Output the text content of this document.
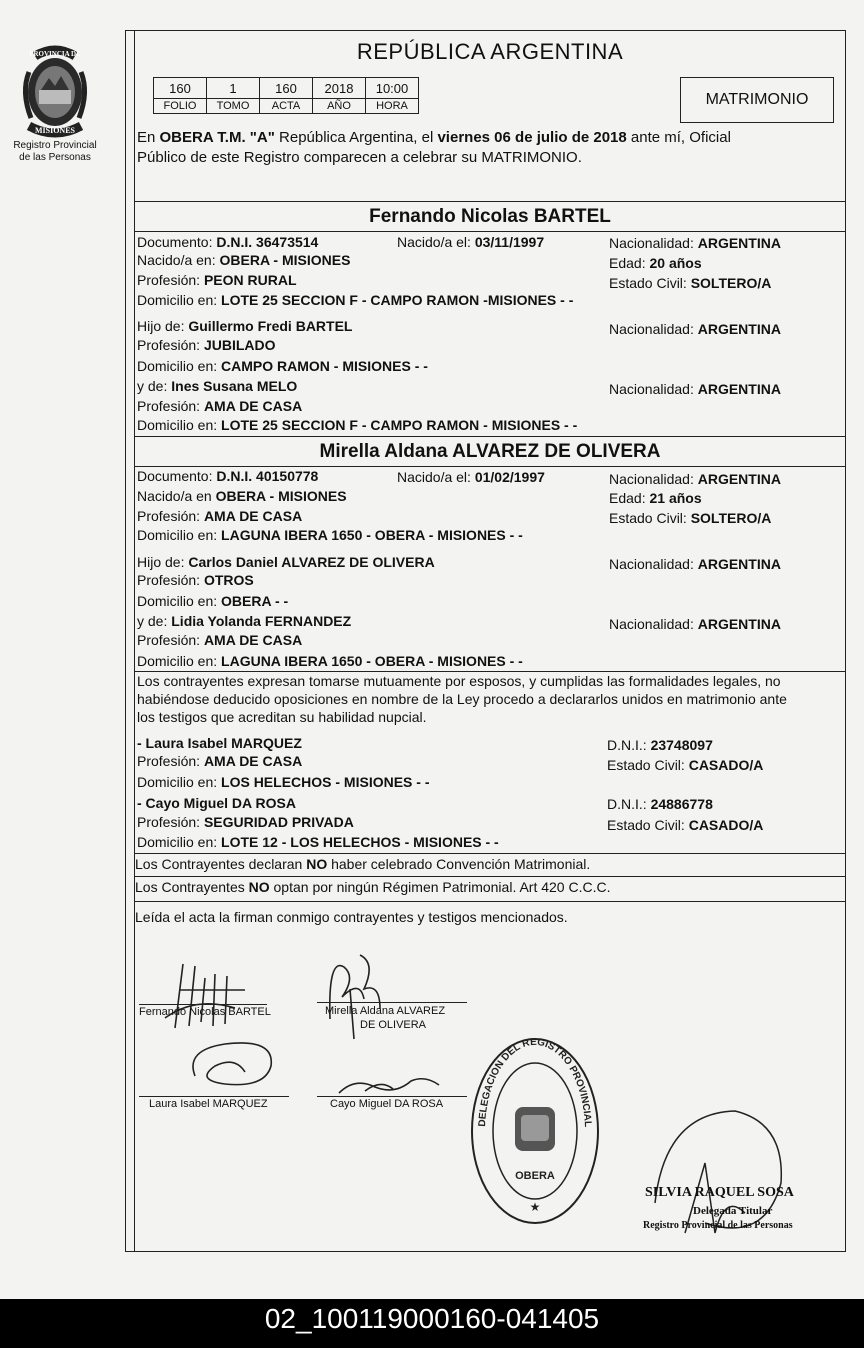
PROVINCIA DE
MISIONES
Registro Provincial
de las Personas
REPÚBLICA ARGENTINA
160	1	160	2018	10:00
FOLIO	TOMO	ACTA	AÑO	HORA	MATRIMONIO
En OBERA T.M. "A" República Argentina, el viernes 06 de julio de 2018 ante mí, Oficial
Público de este Registro comparecen a celebrar su MATRIMONIO.
Fernando Nicolas BARTEL
Documento: D.N.I. 36473514	Nacido/a el: 03/11/1997	Nacionalidad: ARGENTINA
Nacido/a en: OBERA - MISIONES	Edad: 20 años
Profesión: PEON RURAL	Estado Civil: SOLTERO/A
Domicilio en: LOTE 25 SECCION F - CAMPO RAMON -MISIONES - -
Hijo de: Guillermo Fredi BARTEL	Nacionalidad: ARGENTINA
Profesión: JUBILADO
Domicilio en: CAMPO RAMON - MISIONES - -
y de: Ines Susana MELO	Nacionalidad: ARGENTINA
Profesión: AMA DE CASA
Domicilio en: LOTE 25 SECCION F - CAMPO RAMON - MISIONES - -
Mirella Aldana ALVAREZ DE OLIVERA
Documento: D.N.I. 40150778	Nacido/a el: 01/02/1997	Nacionalidad: ARGENTINA
Nacido/a en OBERA - MISIONES	Edad: 21 años
Profesión: AMA DE CASA	Estado Civil: SOLTERO/A
Domicilio en: LAGUNA IBERA 1650 - OBERA - MISIONES - -
Hijo de: Carlos Daniel ALVAREZ DE OLIVERA	Nacionalidad: ARGENTINA
Profesión: OTROS
Domicilio en: OBERA - -
y de: Lidia Yolanda FERNANDEZ	Nacionalidad: ARGENTINA
Profesión: AMA DE CASA
Domicilio en: LAGUNA IBERA 1650 - OBERA - MISIONES - -
Los contrayentes expresan tomarse mutuamente por esposos, y cumplidas las formalidades legales, no
habiéndose deducido oposiciones en nombre de la Ley procedo a declararlos unidos en matrimonio ante
los testigos que acreditan su habilidad nupcial.
- Laura Isabel MARQUEZ	D.N.I.: 23748097
Profesión: AMA DE CASA	Estado Civil: CASADO/A
Domicilio en: LOS HELECHOS - MISIONES - -
- Cayo Miguel DA ROSA	D.N.I.: 24886778
Profesión: SEGURIDAD PRIVADA	Estado Civil: CASADO/A
Domicilio en: LOTE 12 - LOS HELECHOS - MISIONES - -
Los Contrayentes declaran NO haber celebrado Convención Matrimonial.
Los Contrayentes NO optan por ningún Régimen Patrimonial. Art 420 C.C.C.
Leída el acta la firman conmigo contrayentes y testigos mencionados.
Fernando Nicolas BARTEL	Mirella Aldana ALVAREZ
DE OLIVERA
Laura Isabel MARQUEZ	Cayo Miguel DA ROSA
DELEGACION DEL REGISTRO PROVINCIAL DE LAS PERSONAS
OBERA
★
SILVIA RAQUEL SOSA
Delegada Titular
Registro Provincial de las Personas
02_100119000160-041405
